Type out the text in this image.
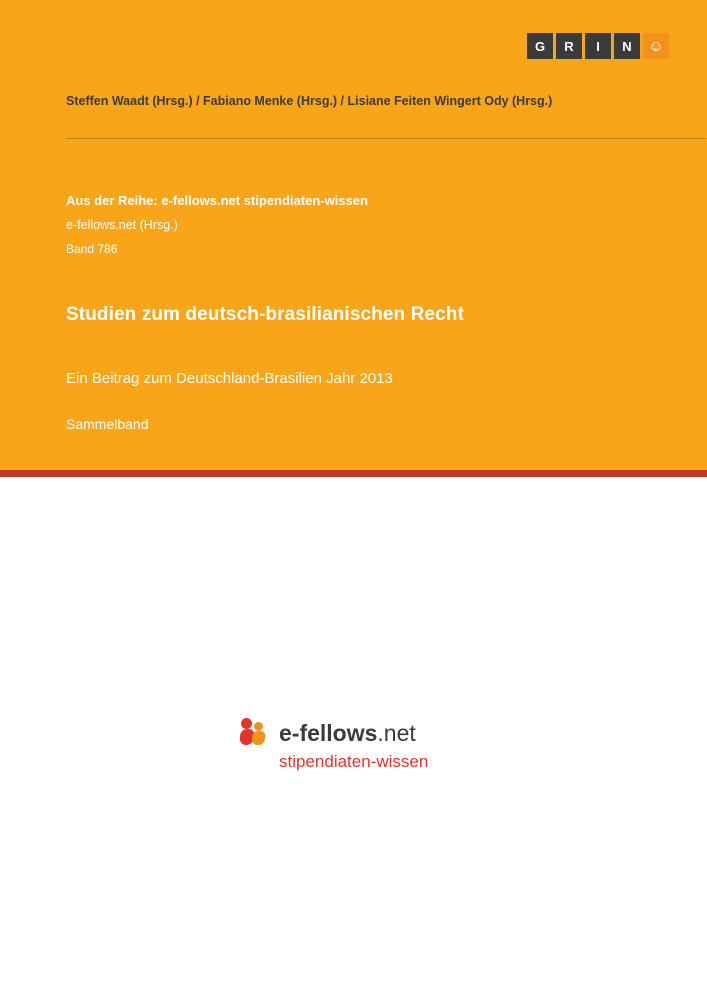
G	R	I	N	☺
Steffen Waadt (Hrsg.) / Fabiano Menke (Hrsg.) / Lisiane Feiten Wingert Ody (Hrsg.)
Aus der Reihe: e-fellows.net stipendiaten-wissen
e-fellows.net (Hrsg.)
Band 786
Studien zum deutsch-brasilianischen Recht
Ein Beitrag zum Deutschland-Brasilien Jahr 2013
Sammelband
e-fellows.net
stipendiaten-wissen
